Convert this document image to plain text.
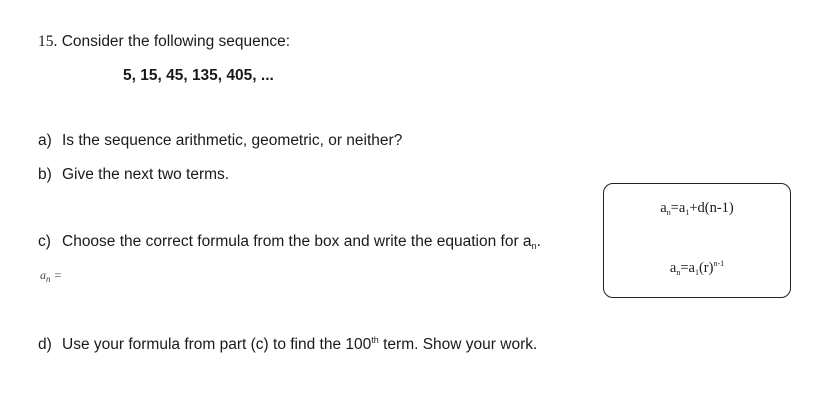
15. Consider the following sequence:
5, 15, 45, 135, 405, ...
a) Is the sequence arithmetic, geometric, or neither?
b) Give the next two terms.
c) Choose the correct formula from the box and write the equation for $a_n$.
$a_n$ =
d) Use your formula from part (c) to find the 100th term. Show your work.
$a_n=a_1+d(n-1)$
$a_n=a_1(r)^{n-1}$
